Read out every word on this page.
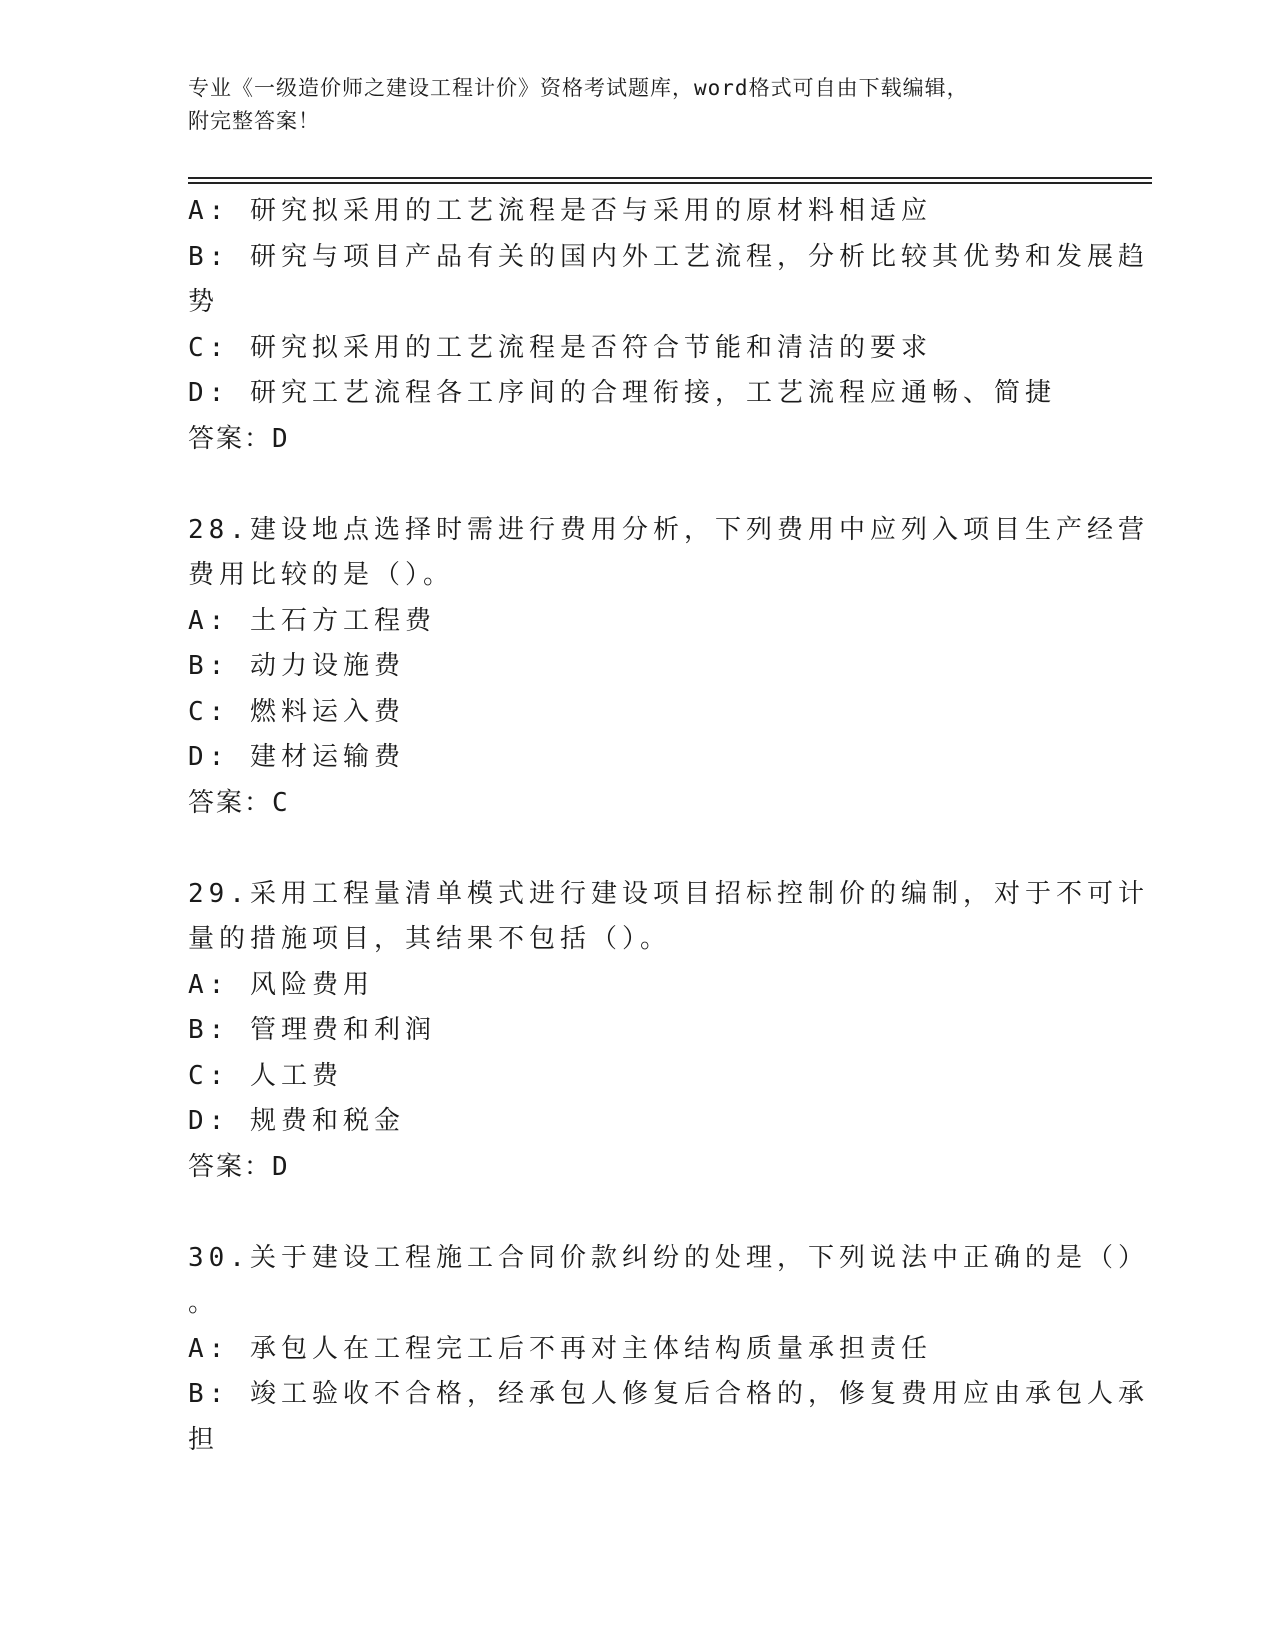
专业《一级造价师之建设工程计价》资格考试题库，word格式可自由下载编辑，
附完整答案！
A: 研究拟采用的工艺流程是否与采用的原材料相适应
B: 研究与项目产品有关的国内外工艺流程，分析比较其优势和发展趋
势
C: 研究拟采用的工艺流程是否符合节能和清洁的要求
D: 研究工艺流程各工序间的合理衔接，工艺流程应通畅、简捷
答案：D
28.建设地点选择时需进行费用分析，下列费用中应列入项目生产经营
费用比较的是（）。
A: 土石方工程费
B: 动力设施费
C: 燃料运入费
D: 建材运输费
答案：C
29.采用工程量清单模式进行建设项目招标控制价的编制，对于不可计
量的措施项目，其结果不包括（）。
A: 风险费用
B: 管理费和利润
C: 人工费
D: 规费和税金
答案：D
30.关于建设工程施工合同价款纠纷的处理，下列说法中正确的是（）
。
A: 承包人在工程完工后不再对主体结构质量承担责任
B: 竣工验收不合格，经承包人修复后合格的，修复费用应由承包人承
担
